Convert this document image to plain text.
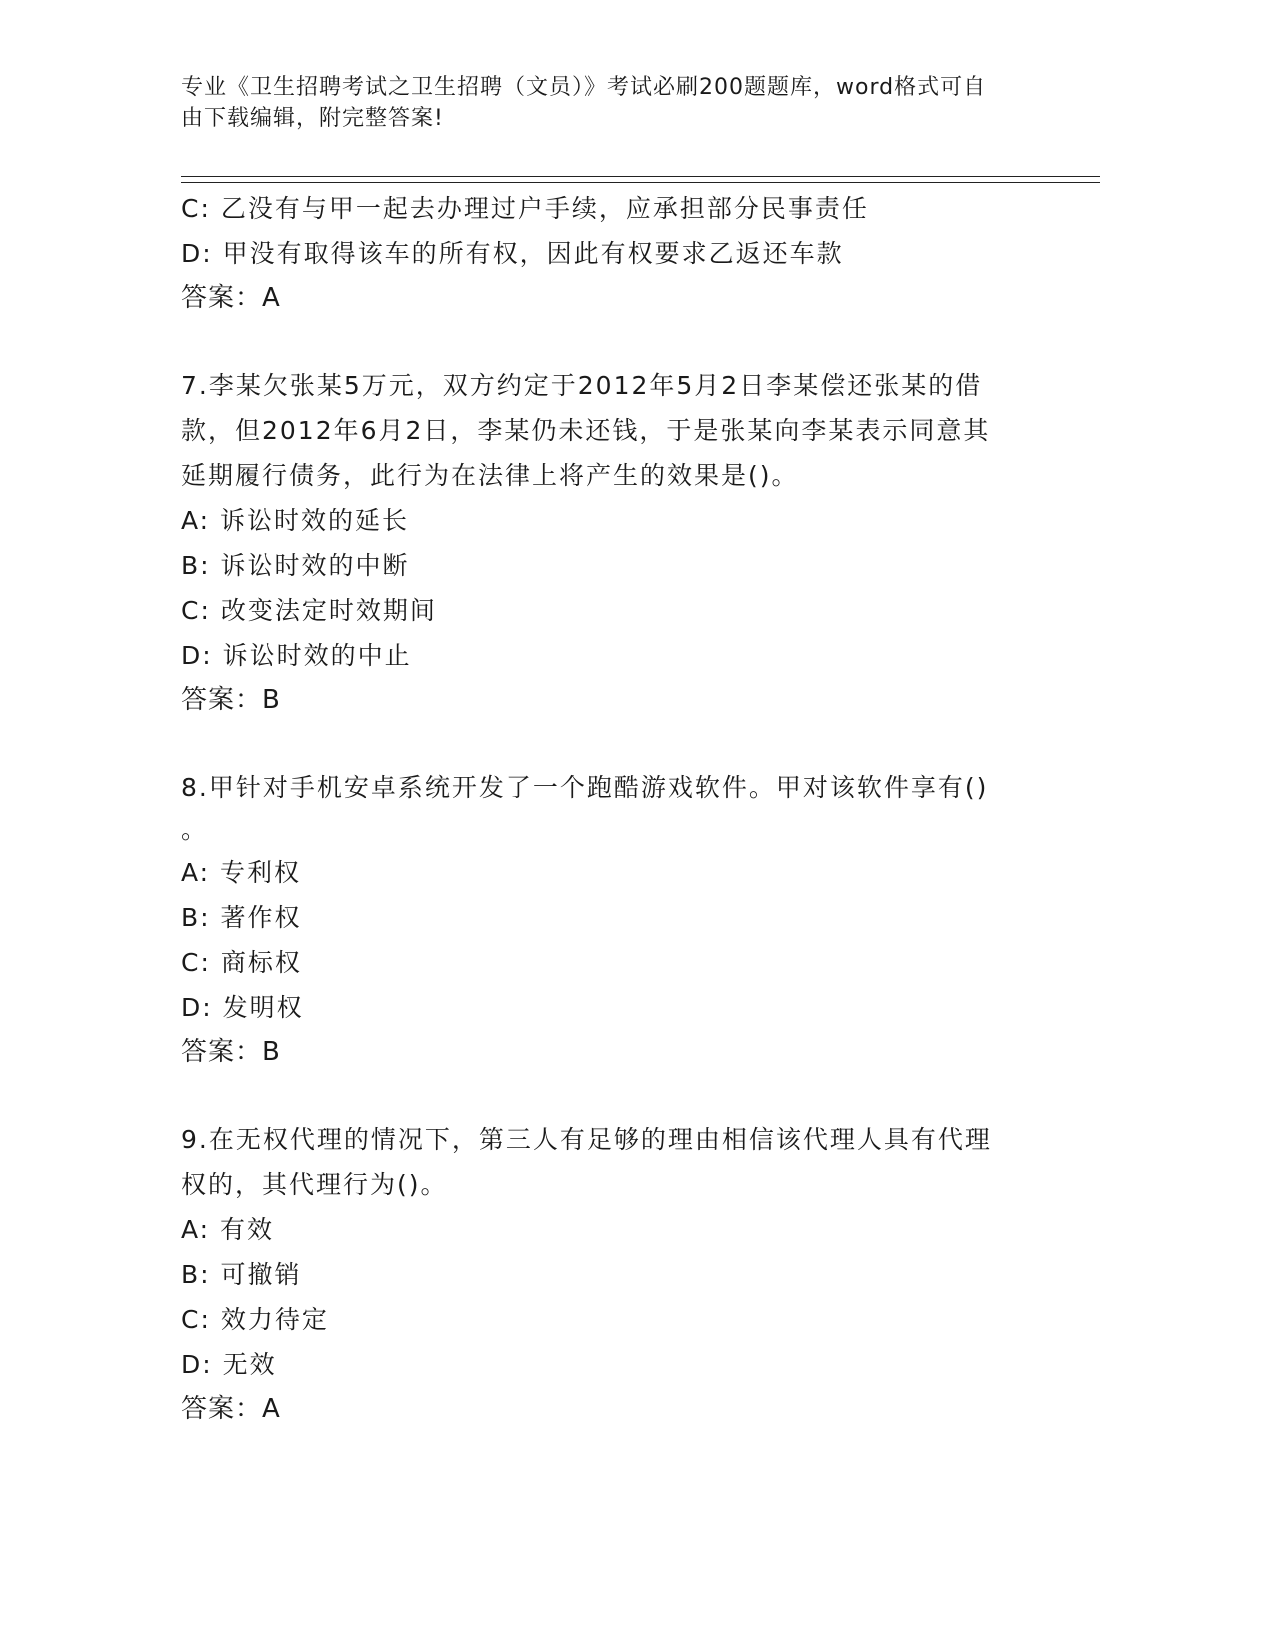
专业《卫生招聘考试之卫生招聘（文员）》考试必刷200题题库，word格式可自
由下载编辑，附完整答案!
C: 乙没有与甲一起去办理过户手续，应承担部分民事责任
D: 甲没有取得该车的所有权，因此有权要求乙返还车款
答案：A
7.李某欠张某5万元，双方约定于2012年5月2日李某偿还张某的借
款，但2012年6月2日，李某仍未还钱，于是张某向李某表示同意其
延期履行债务，此行为在法律上将产生的效果是()。
A: 诉讼时效的延长
B: 诉讼时效的中断
C: 改变法定时效期间
D: 诉讼时效的中止
答案：B
8.甲针对手机安卓系统开发了一个跑酷游戏软件。甲对该软件享有()
。
A: 专利权
B: 著作权
C: 商标权
D: 发明权
答案：B
9.在无权代理的情况下，第三人有足够的理由相信该代理人具有代理
权的，其代理行为()。
A: 有效
B: 可撤销
C: 效力待定
D: 无效
答案：A
